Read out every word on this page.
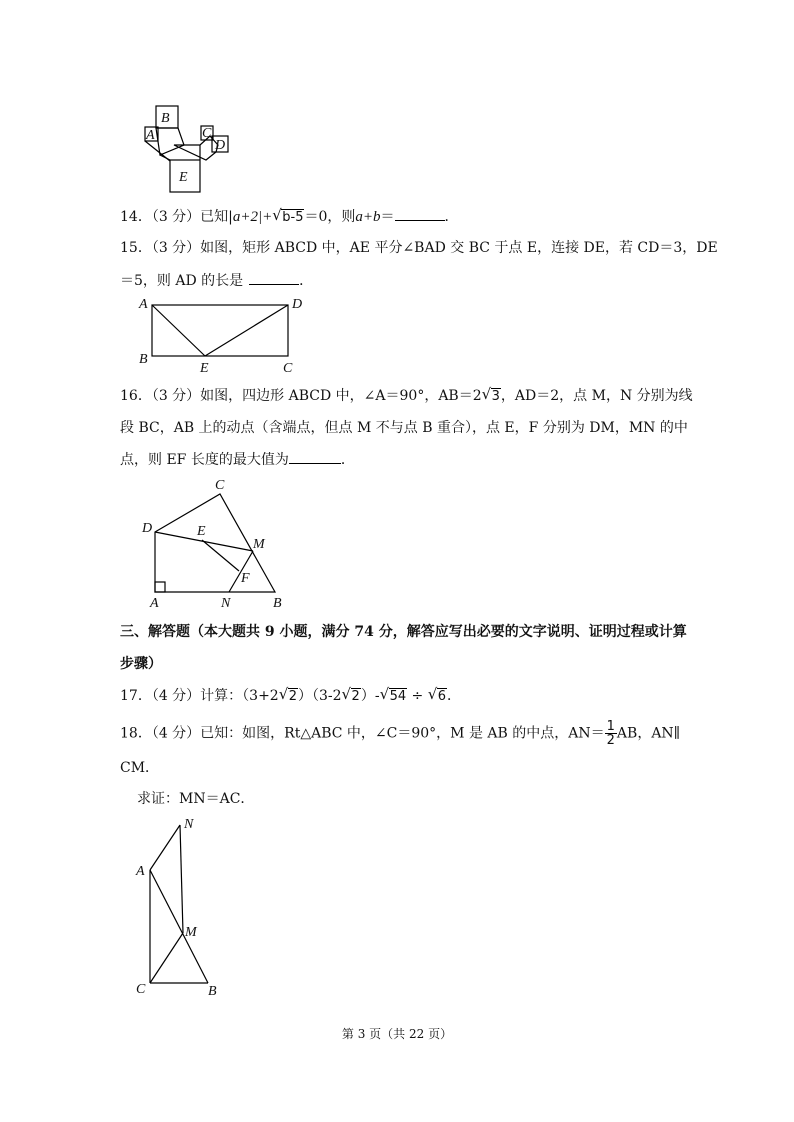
B
A	C
D
E
14．（3 分）已知|a+2|+ √ b-5＝0，则a+b＝	．
15．（3 分）如图，矩形 ABCD 中，AE 平分∠BAD 交 BC 于点 E，连接 DE，若 CD＝3，DE
＝5，则 AD 的长是	．
A	D
B
E	C
16．（3 分）如图，四边形 ABCD 中，∠A＝90°，AB＝2 √ 3，AD＝2，点 M，N 分别为线
段 BC，AB 上的动点（含端点，但点 M 不与点 B 重合），点 E，F 分别为 DM，MN 的中
点，则 EF 长度的最大值为	．
C
D	E
M
F
A	N	B
三、解答题（本大题共 9 小题，满分 74 分，解答应写出必要的文字说明、证明过程或计算
步骤）
17．（4 分）计算：（3+2 √ 2）（3-2 √ 2）- √ 54 ÷ √ 6．
18．（4 分）已知：如图，Rt△ABC 中，∠C＝90°，M 是 AB 的中点，$AN= \frac{1}{2}$ AB，AN∥
CM．
求证：MN＝AC．
N
A
M
C	B
第 3 页（共 22 页）
